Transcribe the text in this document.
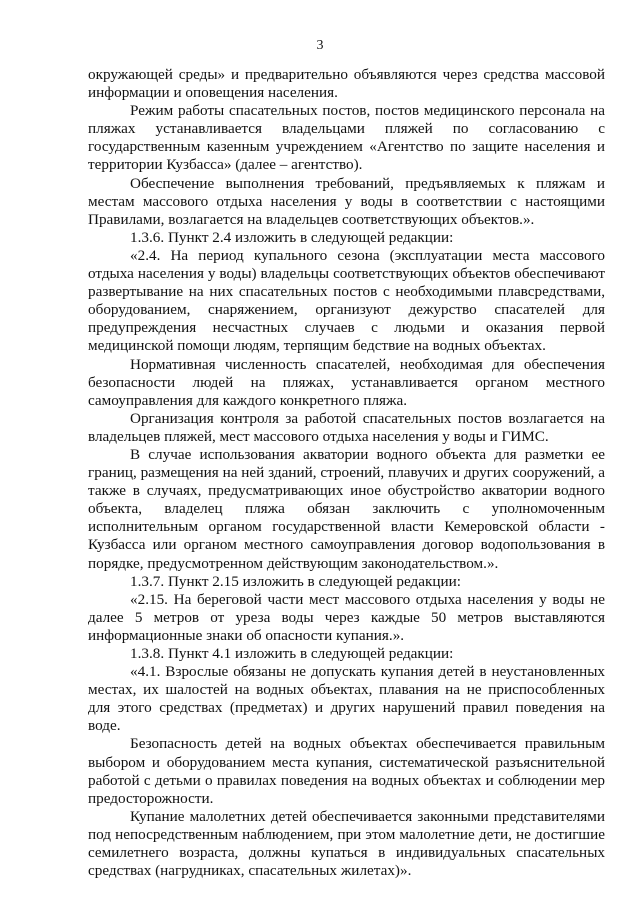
3

окружающей среды» и предварительно объявляются через средства массовой информации и оповещения населения.

Режим работы спасательных постов, постов медицинского персонала на пляжах устанавливается владельцами пляжей по согласованию с государственным казенным учреждением «Агентство по защите населения и территории Кузбасса» (далее – агентство).

Обеспечение выполнения требований, предъявляемых к пляжам и местам массового отдыха населения у воды в соответствии с настоящими Правилами, возлагается на владельцев соответствующих объектов.».

1.3.6. Пункт 2.4 изложить в следующей редакции:

«2.4. На период купального сезона (эксплуатации места массового отдыха населения у воды) владельцы соответствующих объектов обеспечивают развертывание на них спасательных постов с необходимыми плавсредствами, оборудованием, снаряжением, организуют дежурство спасателей для предупреждения несчастных случаев с людьми и оказания первой медицинской помощи людям, терпящим бедствие на водных объектах.

Нормативная численность спасателей, необходимая для обеспечения безопасности людей на пляжах, устанавливается органом местного самоуправления для каждого конкретного пляжа.

Организация контроля за работой спасательных постов возлагается на владельцев пляжей, мест массового отдыха населения у воды и ГИМС.

В случае использования акватории водного объекта для разметки ее границ, размещения на ней зданий, строений, плавучих и других сооружений, а также в случаях, предусматривающих иное обустройство акватории водного объекта, владелец пляжа обязан заключить с уполномоченным исполнительным органом государственной власти Кемеровской области - Кузбасса или органом местного самоуправления договор водопользования в порядке, предусмотренном действующим законодательством.».

1.3.7. Пункт 2.15 изложить в следующей редакции:

«2.15. На береговой части мест массового отдыха населения у воды не далее 5 метров от уреза воды через каждые 50 метров выставляются информационные знаки об опасности купания.».

1.3.8. Пункт 4.1 изложить в следующей редакции:

«4.1. Взрослые обязаны не допускать купания детей в неустановленных местах, их шалостей на водных объектах, плавания на не приспособленных для этого средствах (предметах) и других нарушений правил поведения на воде.

Безопасность детей на водных объектах обеспечивается правильным выбором и оборудованием места купания, систематической разъяснительной работой с детьми о правилах поведения на водных объектах и соблюдении мер предосторожности.

Купание малолетних детей обеспечивается законными представителями под непосредственным наблюдением, при этом малолетние дети, не достигшие семилетнего возраста, должны купаться в индивидуальных спасательных средствах (нагрудниках, спасательных жилетах)».
